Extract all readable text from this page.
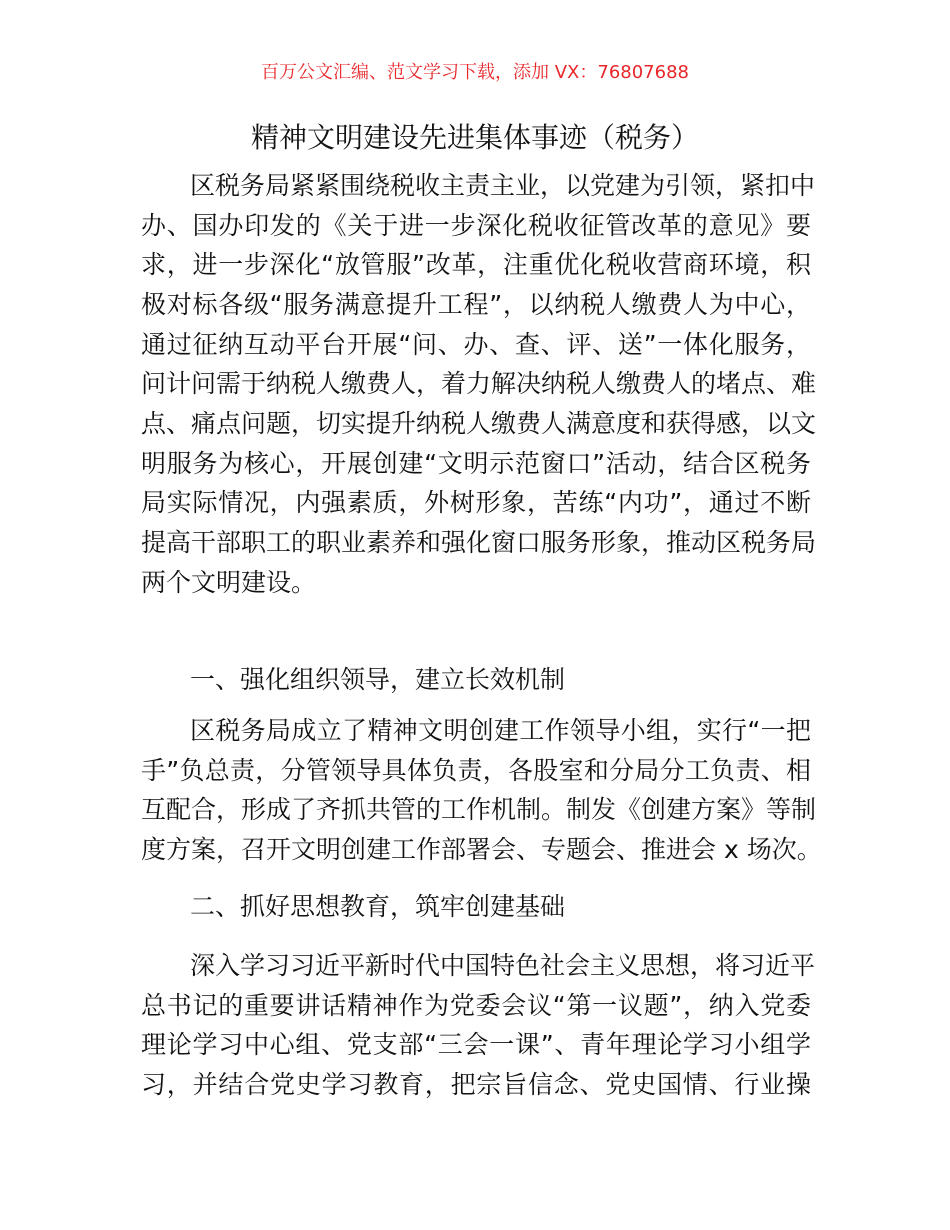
百万公文汇编、范文学习下载，添加 VX：76807688
精神文明建设先进集体事迹（税务）
区税务局紧紧围绕税收主责主业，以党建为引领，紧扣中
办、国办印发的《关于进一步深化税收征管改革的意见》要
求，进一步深化“放管服”改革，注重优化税收营商环境，积
极对标各级“服务满意提升工程”，以纳税人缴费人为中心，
通过征纳互动平台开展“问、办、查、评、送”一体化服务，
问计问需于纳税人缴费人，着力解决纳税人缴费人的堵点、难
点、痛点问题，切实提升纳税人缴费人满意度和获得感，以文
明服务为核心，开展创建“文明示范窗口”活动，结合区税务
局实际情况，内强素质，外树形象，苦练“内功”，通过不断
提高干部职工的职业素养和强化窗口服务形象，推动区税务局
两个文明建设。
一、强化组织领导，建立长效机制
区税务局成立了精神文明创建工作领导小组，实行“一把
手”负总责，分管领导具体负责，各股室和分局分工负责、相
互配合，形成了齐抓共管的工作机制。制发《创建方案》等制
度方案，召开文明创建工作部署会、专题会、推进会 x 场次。
二、抓好思想教育，筑牢创建基础
深入学习习近平新时代中国特色社会主义思想，将习近平
总书记的重要讲话精神作为党委会议“第一议题”，纳入党委
理论学习中心组、党支部“三会一课”、青年理论学习小组学
习，并结合党史学习教育，把宗旨信念、党史国情、行业操
